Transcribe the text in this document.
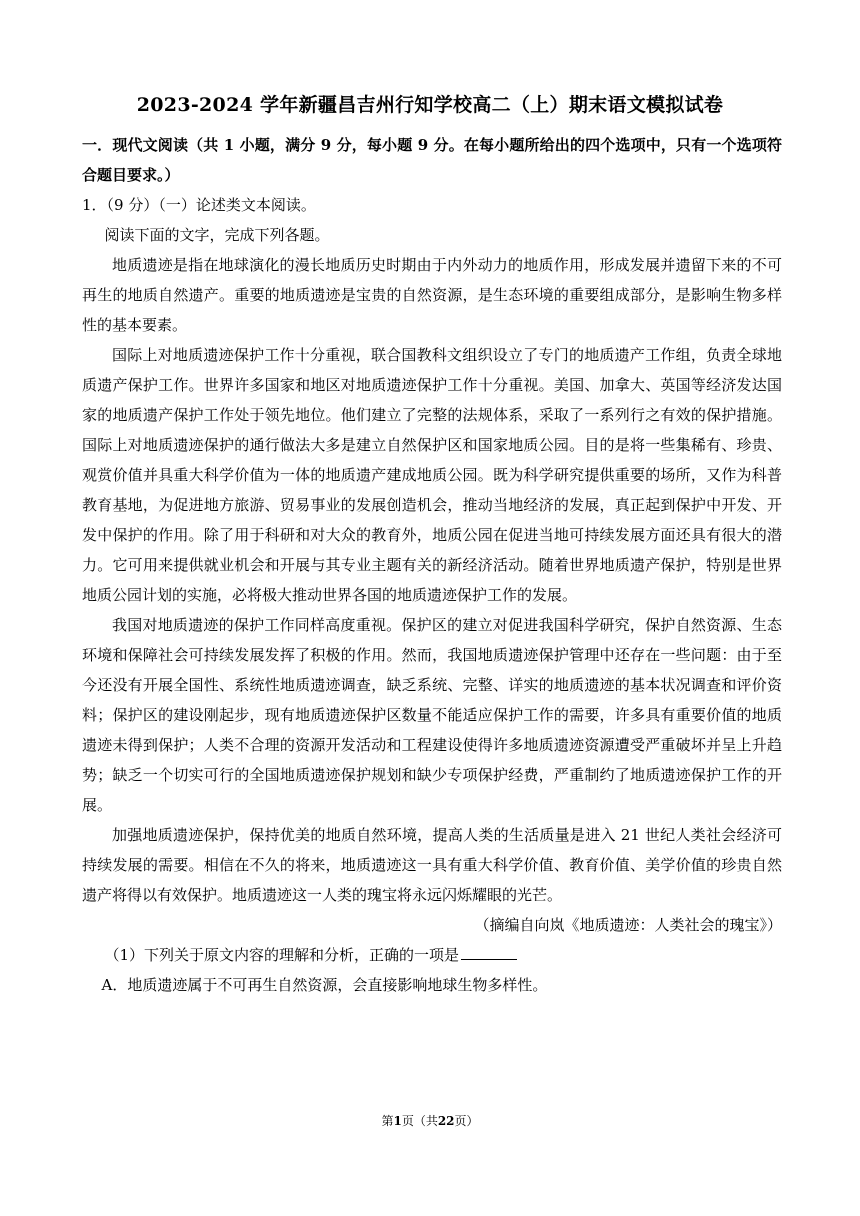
2023-2024 学年新疆昌吉州行知学校高二（上）期末语文模拟试卷

一．现代文阅读（共 1 小题，满分 9 分，每小题 9 分。在每小题所给出的四个选项中，只有一个选项符合题目要求。）

1．（9 分）（一）论述类文本阅读。

阅读下面的文字，完成下列各题。

地质遗迹是指在地球演化的漫长地质历史时期由于内外动力的地质作用，形成发展并遗留下来的不可再生的地质自然遗产。重要的地质遗迹是宝贵的自然资源，是生态环境的重要组成部分，是影响生物多样性的基本要素。

国际上对地质遗迹保护工作十分重视，联合国教科文组织设立了专门的地质遗产工作组，负责全球地质遗产保护工作。世界许多国家和地区对地质遗迹保护工作十分重视。美国、加拿大、英国等经济发达国家的地质遗产保护工作处于领先地位。他们建立了完整的法规体系，采取了一系列行之有效的保护措施。国际上对地质遗迹保护的通行做法大多是建立自然保护区和国家地质公园。目的是将一些集稀有、珍贵、观赏价值并具重大科学价值为一体的地质遗产建成地质公园。既为科学研究提供重要的场所，又作为科普教育基地，为促进地方旅游、贸易事业的发展创造机会，推动当地经济的发展，真正起到保护中开发、开发中保护的作用。除了用于科研和对大众的教育外，地质公园在促进当地可持续发展方面还具有很大的潜力。它可用来提供就业机会和开展与其专业主题有关的新经济活动。随着世界地质遗产保护，特别是世界地质公园计划的实施，必将极大推动世界各国的地质遗迹保护工作的发展。

我国对地质遗迹的保护工作同样高度重视。保护区的建立对促进我国科学研究，保护自然资源、生态环境和保障社会可持续发展发挥了积极的作用。然而，我国地质遗迹保护管理中还存在一些问题：由于至今还没有开展全国性、系统性地质遗迹调查，缺乏系统、完整、详实的地质遗迹的基本状况调查和评价资料；保护区的建设刚起步，现有地质遗迹保护区数量不能适应保护工作的需要，许多具有重要价值的地质遗迹未得到保护；人类不合理的资源开发活动和工程建设使得许多地质遗迹资源遭受严重破坏并呈上升趋势；缺乏一个切实可行的全国地质遗迹保护规划和缺少专项保护经费，严重制约了地质遗迹保护工作的开展。

加强地质遗迹保护，保持优美的地质自然环境，提高人类的生活质量是进入 21 世纪人类社会经济可持续发展的需要。相信在不久的将来，地质遗迹这一具有重大科学价值、教育价值、美学价值的珍贵自然遗产将得以有效保护。地质遗迹这一人类的瑰宝将永远闪烁耀眼的光芒。

（摘编自向岚《地质遗迹：人类社会的瑰宝》）

（1）下列关于原文内容的理解和分析，正确的一项是

A．地质遗迹属于不可再生自然资源，会直接影响地球生物多样性。

第1页（共22页）
